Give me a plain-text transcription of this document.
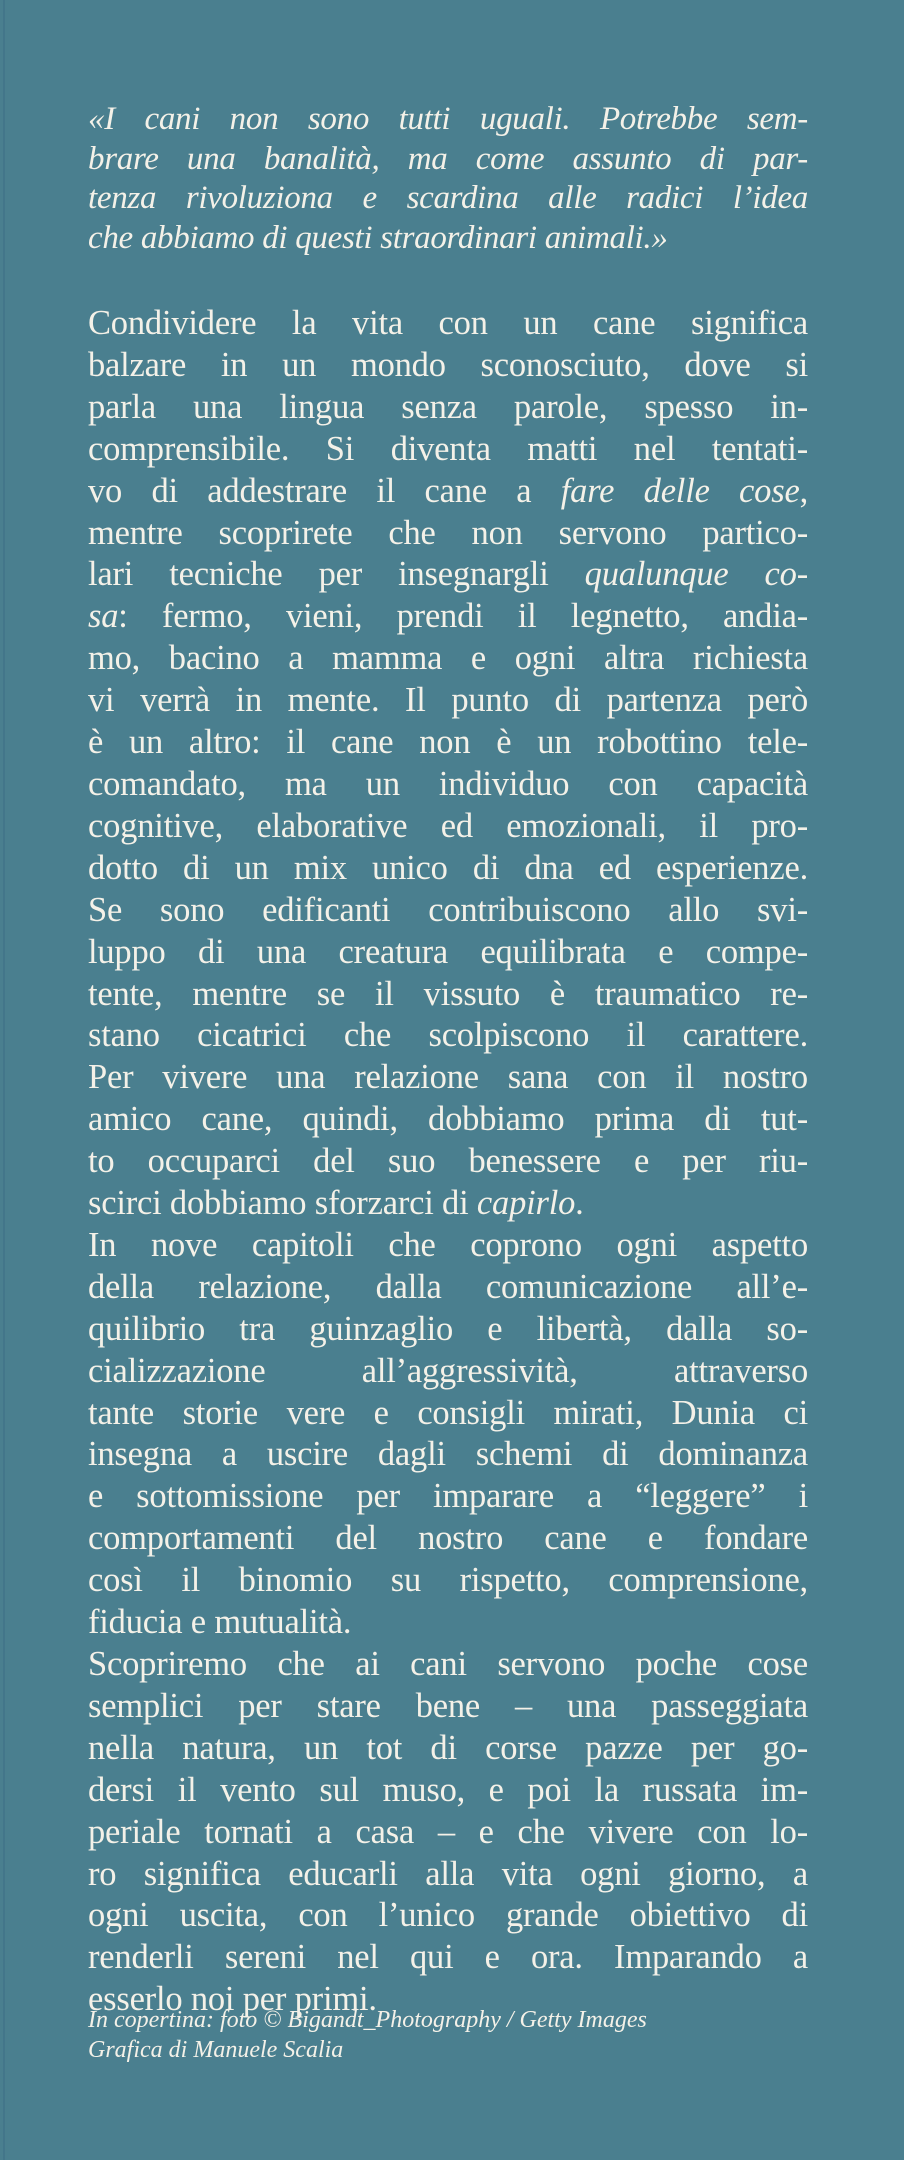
«I cani non sono tutti uguali. Potrebbe sem-
brare una banalità, ma come assunto di par-
tenza rivoluziona e scardina alle radici l’idea
che abbiamo di questi straordinari animali.»
Condividere la vita con un cane significa
balzare in un mondo sconosciuto, dove si
parla una lingua senza parole, spesso in-
comprensibile. Si diventa matti nel tentati-
vo di addestrare il cane a fare delle cose,
mentre scoprirete che non servono partico-
lari tecniche per insegnargli qualunque co-
sa: fermo, vieni, prendi il legnetto, andia-
mo, bacino a mamma e ogni altra richiesta
vi verrà in mente. Il punto di partenza però
è un altro: il cane non è un robottino tele-
comandato, ma un individuo con capacità
cognitive, elaborative ed emozionali, il pro-
dotto di un mix unico di dna ed esperienze.
Se sono edificanti contribuiscono allo svi-
luppo di una creatura equilibrata e compe-
tente, mentre se il vissuto è traumatico re-
stano cicatrici che scolpiscono il carattere.
Per vivere una relazione sana con il nostro
amico cane, quindi, dobbiamo prima di tut-
to occuparci del suo benessere e per riu-
scirci dobbiamo sforzarci di capirlo.
In nove capitoli che coprono ogni aspetto
della relazione, dalla comunicazione all’e-
quilibrio tra guinzaglio e libertà, dalla so-
cializzazione all’aggressività, attraverso
tante storie vere e consigli mirati, Dunia ci
insegna a uscire dagli schemi di dominanza
e sottomissione per imparare a “leggere” i
comportamenti del nostro cane e fondare
così il binomio su rispetto, comprensione,
fiducia e mutualità.
Scopriremo che ai cani servono poche cose
semplici per stare bene – una passeggiata
nella natura, un tot di corse pazze per go-
dersi il vento sul muso, e poi la russata im-
periale tornati a casa – e che vivere con lo-
ro significa educarli alla vita ogni giorno, a
ogni uscita, con l’unico grande obiettivo di
renderli sereni nel qui e ora. Imparando a
esserlo noi per primi.
In copertina: foto © Bigandt_Photography / Getty Images
Grafica di Manuele Scalia
